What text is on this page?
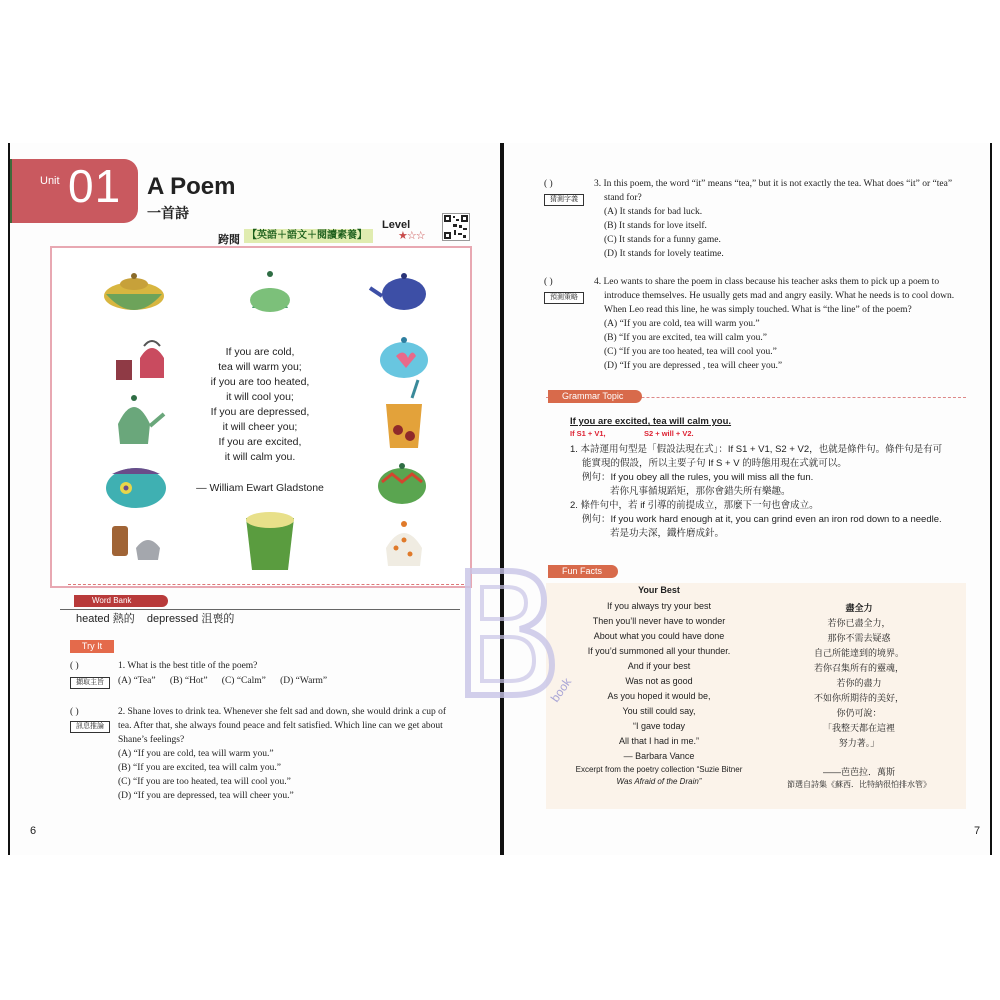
Unit 01 A Poem
一首詩
跨閱 【英語＋語文＋閱讀素養】
Level
★☆☆
If you are cold,
tea will warm you;
if you are too heated,
it will cool you;
If you are depressed,
it will cheer you;
If you are excited,
it will calm you.
— William Ewart Gladstone
Word Bank
heated 熱的    depressed 沮喪的
Try It
( )	1. What is the best title of the poem?
擷取主旨	(A) “Tea”      (B) “Hot”      (C) “Calm”      (D) “Warm”
( )	2. Shane loves to drink tea. Whenever she felt sad and down, she would drink a cup of
tea. After that, she always found peace and felt satisfied. Which line can we get about
訊息推論
Shane’s feelings?
(A) “If you are cold, tea will warm you.”
(B) “If you are excited, tea will calm you.”
(C) “If you are too heated, tea will cool you.”
(D) “If you are depressed, tea will cheer you.”
6
( )	3. In this poem, the word “it” means “tea,” but it is not exactly the tea. What does “it” or “tea”
猜測字義	stand for?
(A) It stands for bad luck.
(B) It stands for love itself.
(C) It stands for a funny game.
(D) It stands for lovely teatime.
( )	4. Leo wants to share the poem in class because his teacher asks them to pick up a poem to
預測策略	introduce themselves. He usually gets mad and angry easily. What he needs is to cool down.
When Leo read this line, he was simply touched. What is “the line” of the poem?
(A) “If you are cold, tea will warm you.”
(B) “If you are excited, tea will calm you.”
(C) “If you are too heated, tea will cool you.”
(D) “If you are depressed , tea will cheer you.”
Grammar Topic
If you are excited, tea will calm you.
If S1 + V1,	S2 + will + V2.
1. 本詩運用句型是「假設法現在式」：If S1 + V1, S2 + V2，也就是條件句。條件句是有可
能實現的假設，所以主要子句 If S + V 的時態用現在式就可以。
例句：If you obey all the rules, you will miss all the fun.
若你凡事循規蹈矩，那你會錯失所有樂趣。
2. 條件句中，若 if 引導的前提成立，那麼下一句也會成立。
例句：If you work hard enough at it, you can grind even an iron rod down to a needle.
若是功夫深，鐵杵磨成針。
Fun Facts
Your Best
If you always try your best
Then you’ll never have to wonder
About what you could have done
If you’d summoned all your thunder.
And if your best
Was not as good
As you hoped it would be,
You still could say,
“I gave today
All that I had in me.”
— Barbara Vance
Excerpt from the poetry collection “Suzie Bitner
Was Afraid of the Drain”
盡全力
若你已盡全力，
那你不需去疑惑
自己所能達到的境界。
若你召集所有的靈魂，
若你的盡力
不如你所期待的美好，
你仍可說：
「我整天都在這裡
努力著。」
——芭芭拉．萬斯
節選自詩集《蘇西．比特納很怕排水管》
7
book
